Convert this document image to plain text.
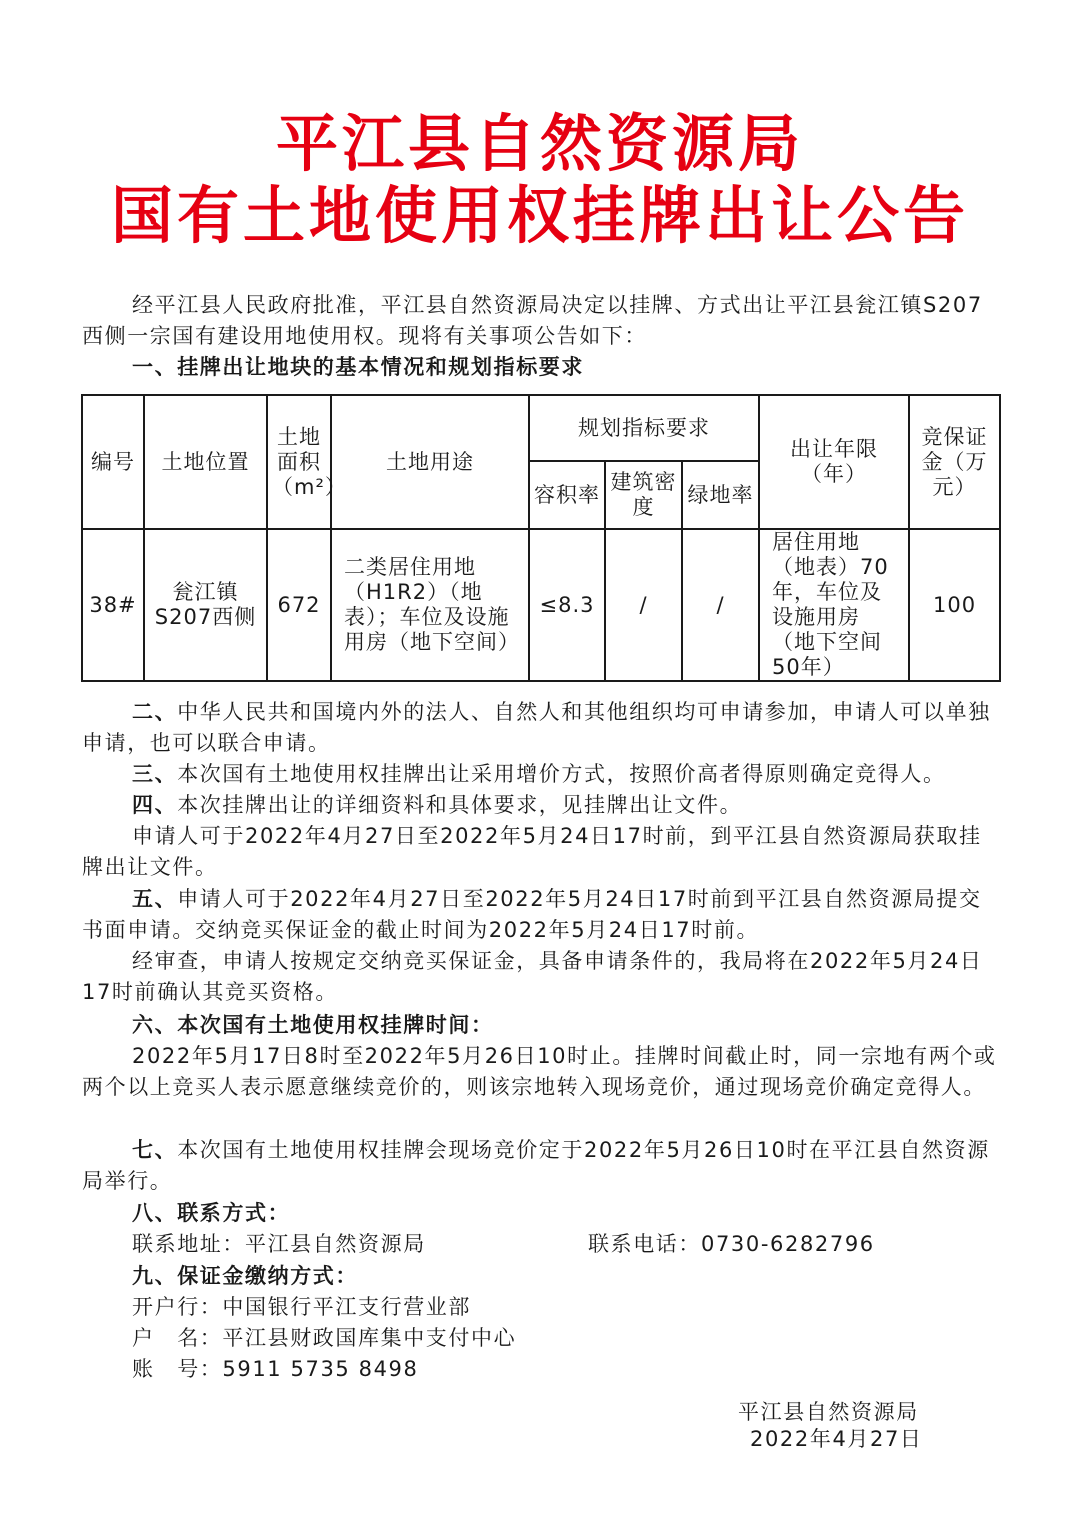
平江县自然资源局
国有土地使用权挂牌出让公告

经平江县人民政府批准，平江县自然资源局决定以挂牌、方式出让平江县瓮江镇S207西侧一宗国有建设用地使用权。现将有关事项公告如下：

一、挂牌出让地块的基本情况和规划指标要求
编号	土地位置	土地面积（m²）	土地用途	规划指标要求			出让年限（年）	竞保证金（万元）
				容积率	建筑密度	绿地率		
38#	瓮江镇S207西侧	672	二类居住用地（H1R2）（地表）；车位及设施用房（地下空间）	≤8.3	/	/	居住用地（地表）70年，车位及设施用房（地下空间50年）	100

二、中华人民共和国境内外的法人、自然人和其他组织均可申请参加，申请人可以单独申请，也可以联合申请。

三、本次国有土地使用权挂牌出让采用增价方式，按照价高者得原则确定竞得人。

四、本次挂牌出让的详细资料和具体要求，见挂牌出让文件。

申请人可于2022年4月27日至2022年5月24日17时前，到平江县自然资源局获取挂牌出让文件。

五、申请人可于2022年4月27日至2022年5月24日17时前到平江县自然资源局提交书面申请。交纳竞买保证金的截止时间为2022年5月24日17时前。

经审查，申请人按规定交纳竞买保证金，具备申请条件的，我局将在2022年5月24日17时前确认其竞买资格。

六、本次国有土地使用权挂牌时间：

2022年5月17日8时至2022年5月26日10时止。挂牌时间截止时，同一宗地有两个或两个以上竞买人表示愿意继续竞价的，则该宗地转入现场竞价，通过现场竞价确定竞得人。

七、本次国有土地使用权挂牌会现场竞价定于2022年5月26日10时在平江县自然资源局举行。

八、联系方式：
联系地址：平江县自然资源局	联系电话：0730-6282796
九、保证金缴纳方式：
开户行：中国银行平江支行营业部
户　名：平江县财政国库集中支付中心
账　号：5911 5735 8498
平江县自然资源局
2022年4月27日
